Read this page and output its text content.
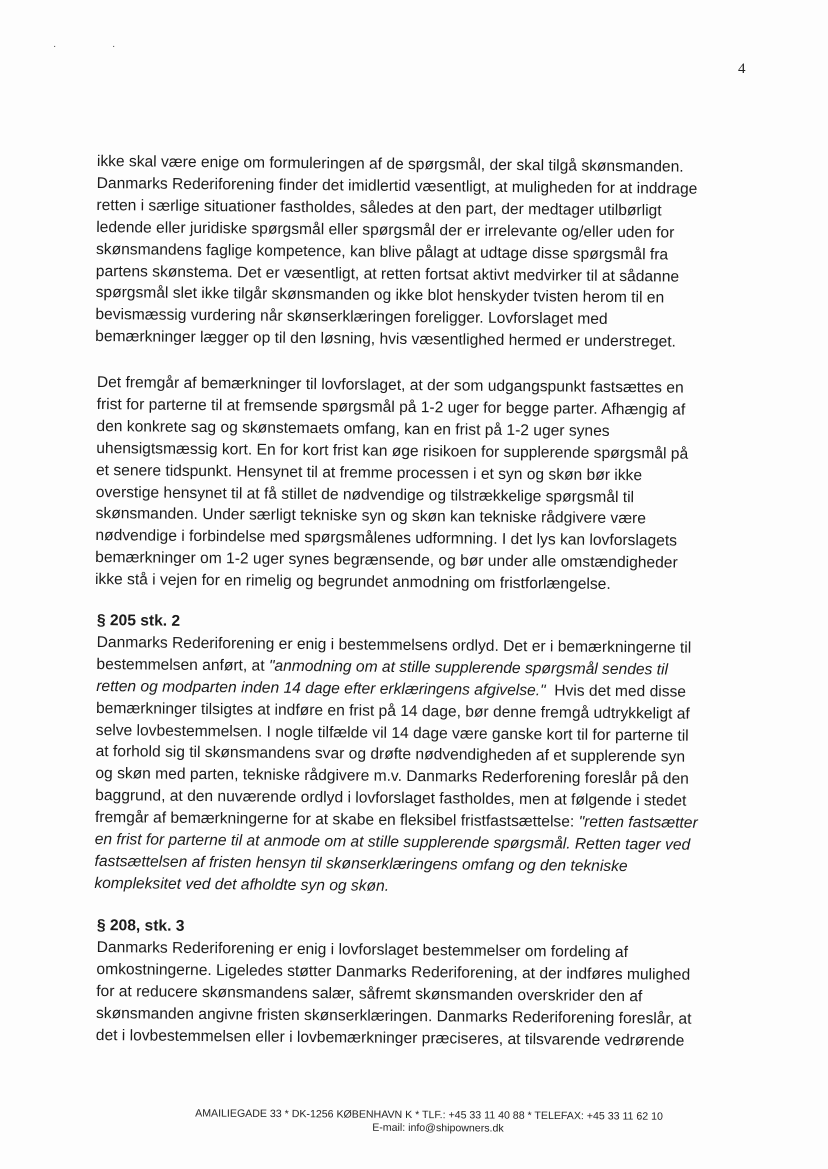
·	·
4
ikke skal være enige om formuleringen af de spørgsmål, der skal tilgå skønsmanden.
Danmarks Rederiforening finder det imidlertid væsentligt, at muligheden for at inddrage
retten i særlige situationer fastholdes, således at den part, der medtager utilbørligt
ledende eller juridiske spørgsmål eller spørgsmål der er irrelevante og/eller uden for
skønsmandens faglige kompetence, kan blive pålagt at udtage disse spørgsmål fra
partens skønstema. Det er væsentligt, at retten fortsat aktivt medvirker til at sådanne
spørgsmål slet ikke tilgår skønsmanden og ikke blot henskyder tvisten herom til en
bevismæssig vurdering når skønserklæringen foreligger. Lovforslaget med
bemærkninger lægger op til den løsning, hvis væsentlighed hermed er understreget.
Det fremgår af bemærkninger til lovforslaget, at der som udgangspunkt fastsættes en
frist for parterne til at fremsende spørgsmål på 1-2 uger for begge parter. Afhængig af
den konkrete sag og skønstemaets omfang, kan en frist på 1-2 uger synes
uhensigtsmæssig kort. En for kort frist kan øge risikoen for supplerende spørgsmål på
et senere tidspunkt. Hensynet til at fremme processen i et syn og skøn bør ikke
overstige hensynet til at få stillet de nødvendige og tilstrækkelige spørgsmål til
skønsmanden. Under særligt tekniske syn og skøn kan tekniske rådgivere være
nødvendige i forbindelse med spørgsmålenes udformning. I det lys kan lovforslagets
bemærkninger om 1-2 uger synes begrænsende, og bør under alle omstændigheder
ikke stå i vejen for en rimelig og begrundet anmodning om fristforlængelse.
§ 205 stk. 2
Danmarks Rederiforening er enig i bestemmelsens ordlyd. Det er i bemærkningerne til
bestemmelsen anført, at "anmodning om at stille supplerende spørgsmål sendes til
retten og modparten inden 14 dage efter erklæringens afgivelse."  Hvis det med disse
bemærkninger tilsigtes at indføre en frist på 14 dage, bør denne fremgå udtrykkeligt af
selve lovbestemmelsen. I nogle tilfælde vil 14 dage være ganske kort til for parterne til
at forhold sig til skønsmandens svar og drøfte nødvendigheden af et supplerende syn
og skøn med parten, tekniske rådgivere m.v. Danmarks Rederforening foreslår på den
baggrund, at den nuværende ordlyd i lovforslaget fastholdes, men at følgende i stedet
fremgår af bemærkningerne for at skabe en fleksibel fristfastsættelse: "retten fastsætter
en frist for parterne til at anmode om at stille supplerende spørgsmål. Retten tager ved
fastsættelsen af fristen hensyn til skønserklæringens omfang og den tekniske
kompleksitet ved det afholdte syn og skøn.
§ 208, stk. 3
Danmarks Rederiforening er enig i lovforslaget bestemmelser om fordeling af
omkostningerne. Ligeledes støtter Danmarks Rederiforening, at der indføres mulighed
for at reducere skønsmandens salær, såfremt skønsmanden overskrider den af
skønsmanden angivne fristen skønserklæringen. Danmarks Rederiforening foreslår, at
det i lovbestemmelsen eller i lovbemærkninger præciseres, at tilsvarende vedrørende
AMAILIEGADE 33 * DK-1256 KØBENHAVN K * TLF.: +45 33 11 40 88 * TELEFAX: +45 33 11 62 10
E-mail: info@shipowners.dk
